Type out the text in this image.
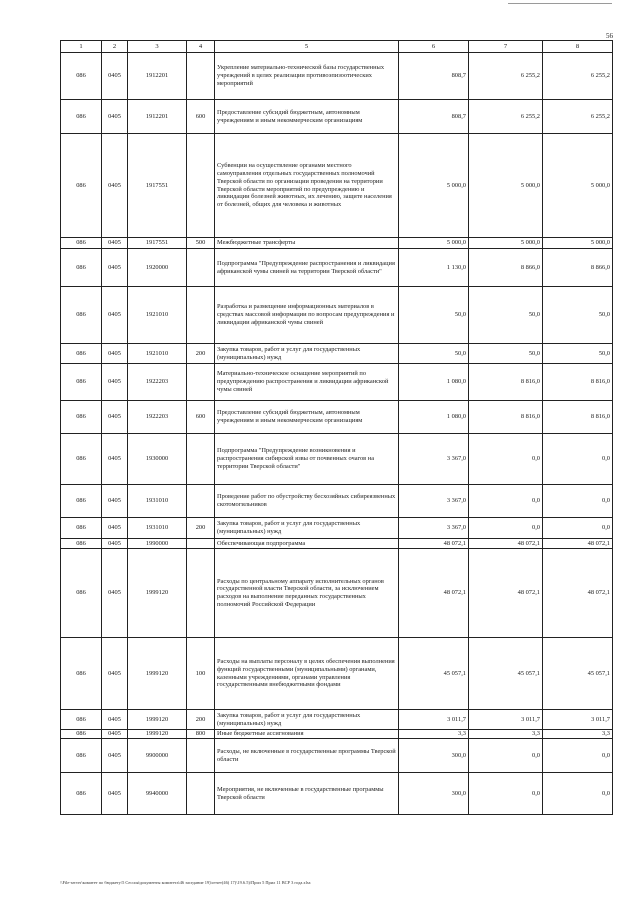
56
1	2	3	4	5	6	7	8
086	0405	1912201		Укрепление материально-технической базы государственных учреждений в целях реализации противоэпизоотических мероприятий	808,7	6 255,2	6 255,2
086	0405	1912201	600	Предоставление субсидий бюджетным, автономным учреждениям и иным некоммерческим организациям	808,7	6 255,2	6 255,2
086	0405	1917551		Субвенции на осуществление органами местного самоуправления отдельных государственных полномочий Тверской области по организации проведения на территории Тверской области мероприятий по предупреждению и ликвидации болезней животных, их лечению, защите населения от болезней, общих для человека и животных	5 000,0	5 000,0	5 000,0
086	0405	1917551	500	Межбюджетные трансферты	5 000,0	5 000,0	5 000,0
086	0405	1920000		Подпрограмма "Предупреждение распространения и ликвидация африканской чумы свиней на территории Тверской области"	1 130,0	8 866,0	8 866,0
086	0405	1921010		Разработка и размещение информационных материалов в средствах массовой информации по вопросам предупреждения и ликвидации африканской чумы свиней	50,0	50,0	50,0
086	0405	1921010	200	Закупка товаров, работ и услуг для государственных (муниципальных) нужд	50,0	50,0	50,0
086	0405	1922203		Материально-техническое оснащение мероприятий по предупреждению распространения и ликвидации африканской чумы свиней	1 080,0	8 816,0	8 816,0
086	0405	1922203	600	Предоставление субсидий бюджетным, автономным учреждениям и иным некоммерческим организациям	1 080,0	8 816,0	8 816,0
086	0405	1930000		Подпрограмма "Предупреждение возникновения и распространения сибирской язвы от почвенных очагов на территории Тверской области"	3 367,0	0,0	0,0
086	0405	1931010		Проведение работ по обустройству бесхозяйных сибиреязвенных скотомогильников	3 367,0	0,0	0,0
086	0405	1931010	200	Закупка товаров, работ и услуг для государственных (муниципальных) нужд	3 367,0	0,0	0,0
086	0405	1990000		Обеспечивающая подпрограмма	48 072,1	48 072,1	48 072,1
086	0405	1999120		Расходы по центральному аппарату исполнительных органов государственной власти Тверской области, за исключением расходов на выполнение переданных государственных полномочий Российской Федерации	48 072,1	48 072,1	48 072,1
086	0405	1999120	100	Расходы на выплаты персоналу в целях обеспечения выполнения функций государственными (муниципальными) органами, казенными учреждениями, органами управления государственными внебюджетными фондами	45 057,1	45 057,1	45 057,1
086	0405	1999120	200	Закупка товаров, работ и услуг для государственных (муниципальных) нужд	3 011,7	3 011,7	3 011,7
086	0405	1999120	800	Иные бюджетные ассигнования	3,3	3,3	3,3
086	0405	9900000		Расходы, не включенные в государственные программы Тверской области	300,0	0,0	0,0
086	0405	9940000		Мероприятия, не включенные в государственные программы Тверской области	300,0	0,0	0,0
\\File-server\комитет по бюджету\5 Сессия\документы комитета\46 заседание 19)\отчет(46) 17)\19.6.5)\Прил 5 Прил 11 ВСР 3 года.xlsx
